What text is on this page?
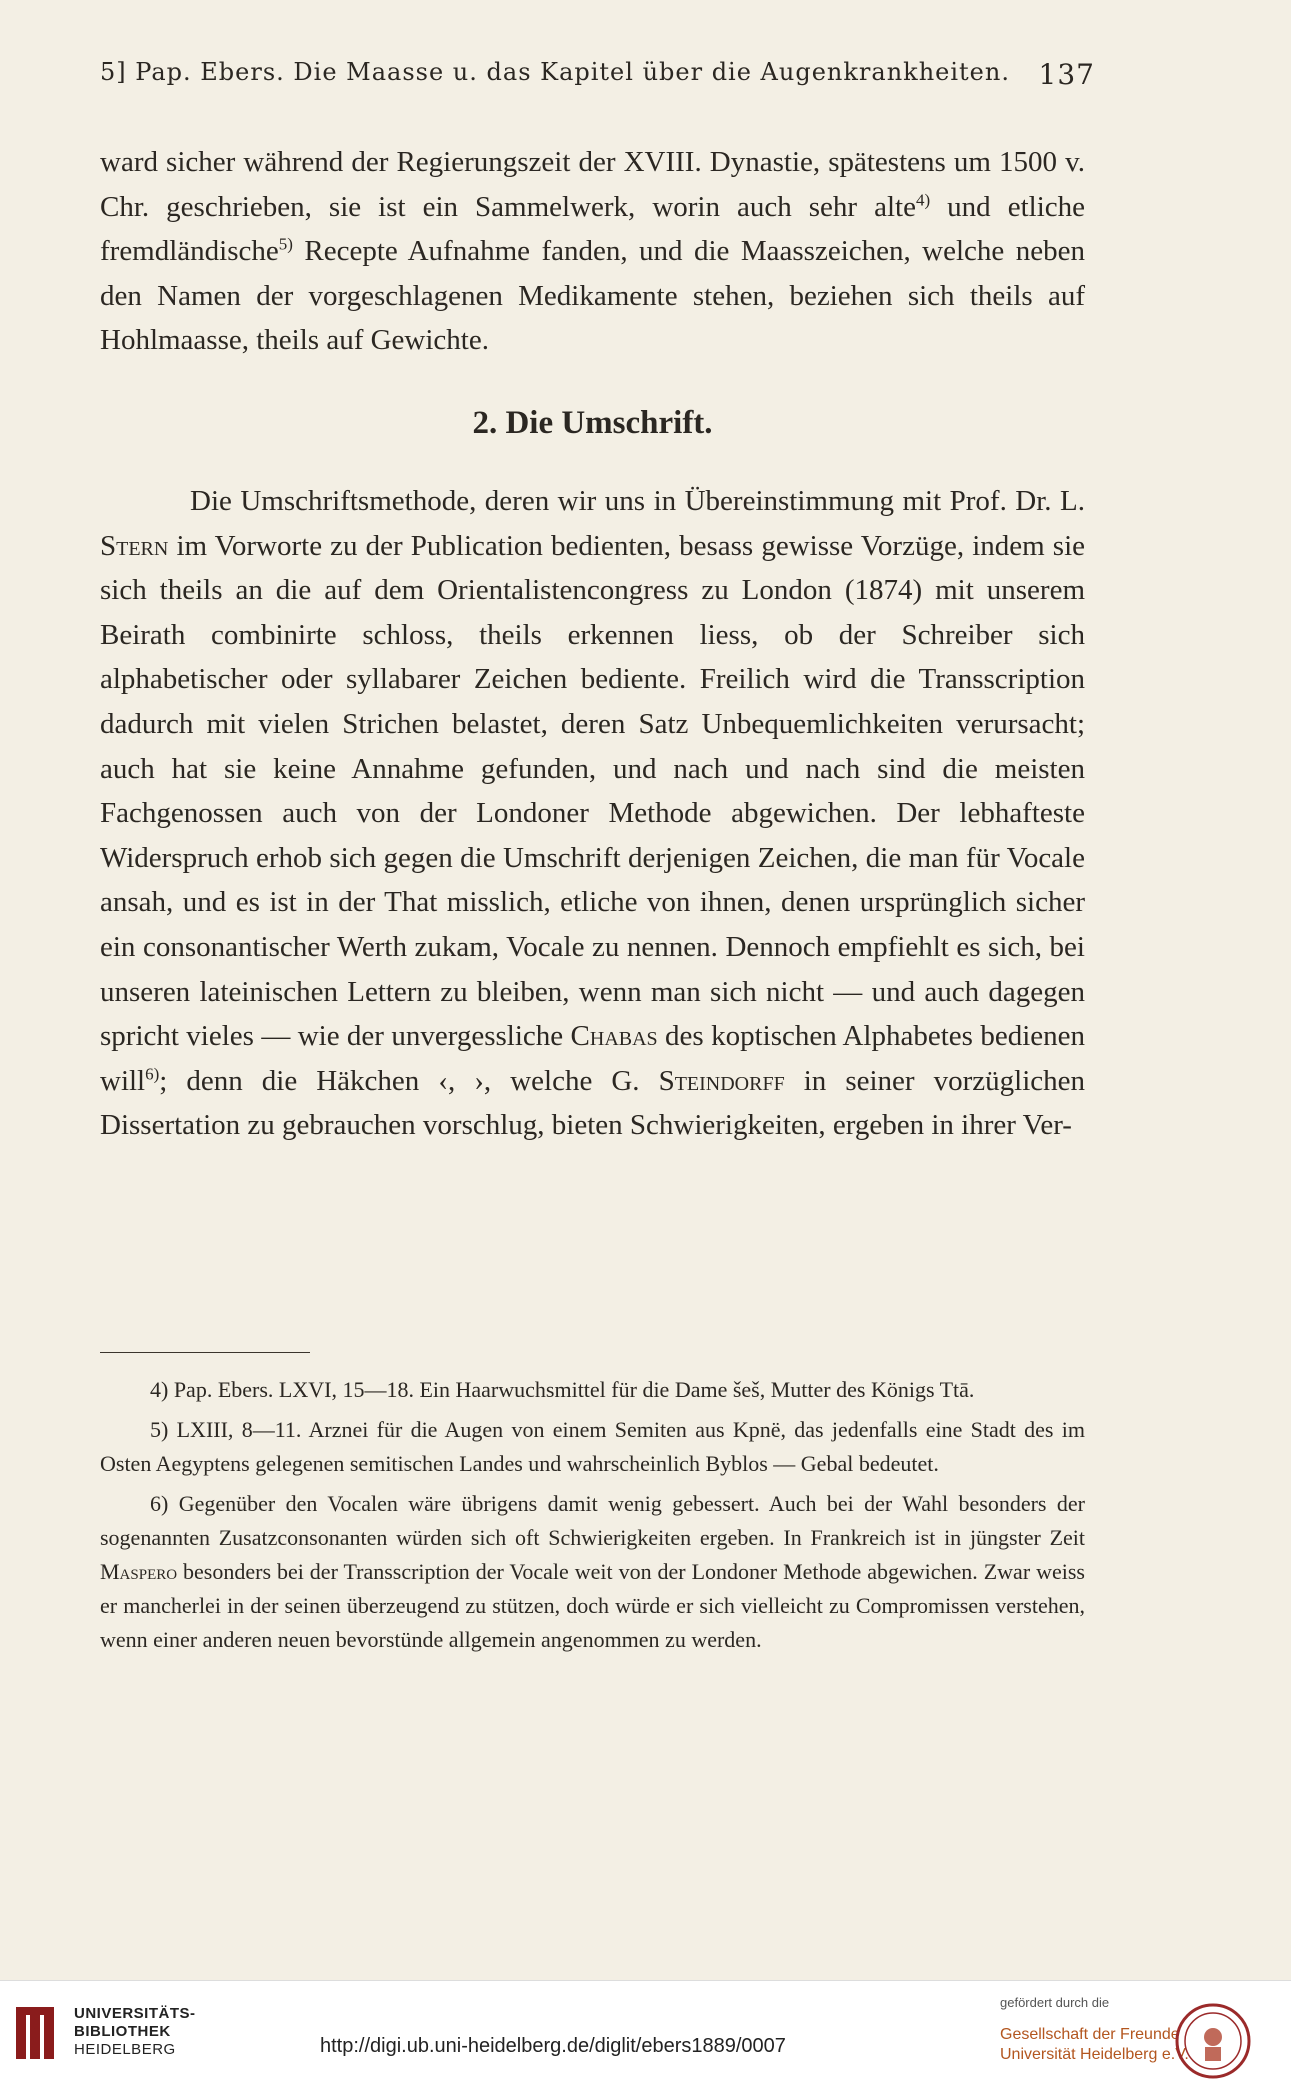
5] Pap. Ebers. Die Maasse u. das Kapitel über die Augenkrankheiten. 137

ward sicher während der Regierungszeit der XVIII. Dynastie, spätestens um 1500 v. Chr. geschrieben, sie ist ein Sammelwerk, worin auch sehr alte$^{4)}$ und etliche fremdländische$^{5)}$ Recepte Aufnahme fanden, und die Maasszeichen, welche neben den Namen der vorgeschlagenen Medikamente stehen, beziehen sich theils auf Hohlmaasse, theils auf Gewichte.

2. Die Umschrift.

Die Umschriftsmethode, deren wir uns in Übereinstimmung mit Prof. Dr. L. Stern im Vorworte zu der Publication bedienten, besass gewisse Vorzüge, indem sie sich theils an die auf dem Orientalistencongress zu London (1874) mit unserem Beirath combinirte schloss, theils erkennen liess, ob der Schreiber sich alphabetischer oder syllabarer Zeichen bediente. Freilich wird die Transscription dadurch mit vielen Strichen belastet, deren Satz Unbequemlichkeiten verursacht; auch hat sie keine Annahme gefunden, und nach und nach sind die meisten Fachgenossen auch von der Londoner Methode abgewichen. Der lebhafteste Widerspruch erhob sich gegen die Umschrift derjenigen Zeichen, die man für Vocale ansah, und es ist in der That misslich, etliche von ihnen, denen ursprünglich sicher ein consonantischer Werth zukam, Vocale zu nennen. Dennoch empfiehlt es sich, bei unseren lateinischen Lettern zu bleiben, wenn man sich nicht — und auch dagegen spricht vieles — wie der unvergessliche Chabas des koptischen Alphabetes bedienen will$^{6)}$; denn die Häkchen ‹, ›, welche G. Steindorff in seiner vorzüglichen Dissertation zu gebrauchen vorschlug, bieten Schwierigkeiten, ergeben in ihrer Ver-

4) Pap. Ebers. LXVI, 15—18. Ein Haarwuchsmittel für die Dame šeš, Mutter des Königs Ttā.

5) LXIII, 8—11. Arznei für die Augen von einem Semiten aus Kpnë, das jedenfalls eine Stadt des im Osten Aegyptens gelegenen semitischen Landes und wahrscheinlich Byblos — Gebal bedeutet.

6) Gegenüber den Vocalen wäre übrigens damit wenig gebessert. Auch bei der Wahl besonders der sogenannten Zusatzconsonanten würden sich oft Schwierigkeiten ergeben. In Frankreich ist in jüngster Zeit Maspero besonders bei der Transscription der Vocale weit von der Londoner Methode abgewichen. Zwar weiss er mancherlei in der seinen überzeugend zu stützen, doch würde er sich vielleicht zu Compromissen verstehen, wenn einer anderen neuen bevorstünde allgemein angenommen zu werden.

UNIVERSITÄTS-
BIBLIOTHEK
HEIDELBERG	http://digi.ub.uni-heidelberg.de/diglit/ebers1889/0007
gefördert durch die
Gesellschaft der Freunde
Universität Heidelberg e.V.
